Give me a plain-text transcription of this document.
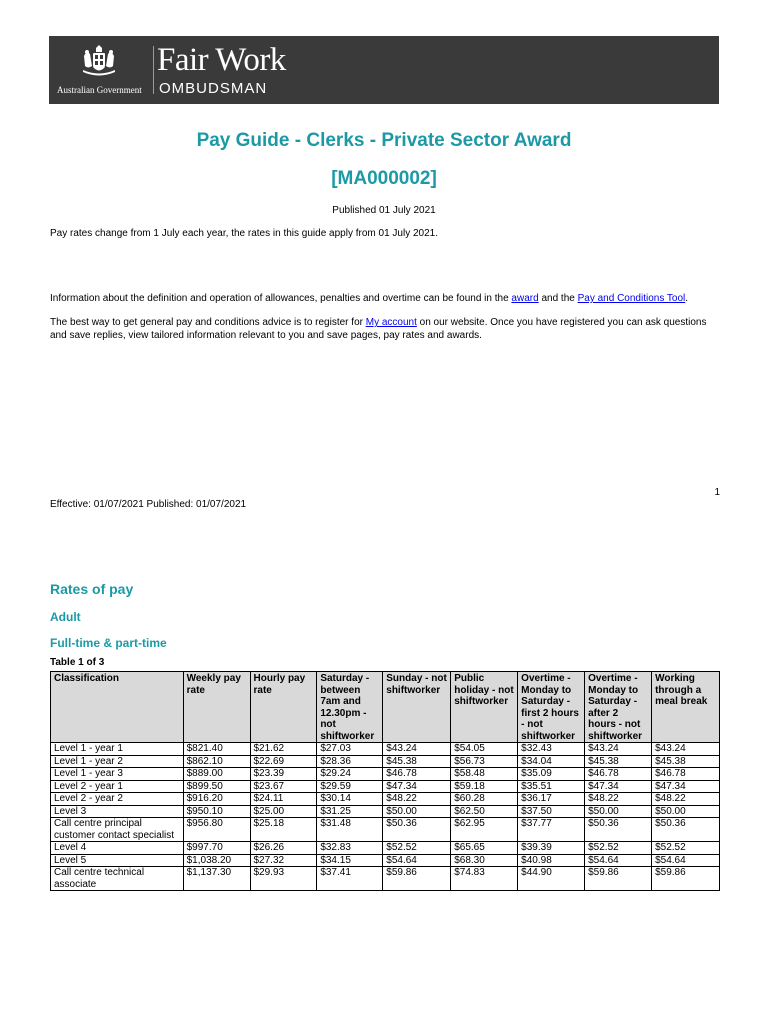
Australian Government
Fair Work
OMBUDSMAN
Pay Guide - Clerks - Private Sector Award
[MA000002]
Published 01 July 2021
Pay rates change from 1 July each year, the rates in this guide apply from 01 July 2021.
Information about the definition and operation of allowances, penalties and overtime can be found in the award and the Pay and Conditions Tool.
The best way to get general pay and conditions advice is to register for My account on our website. Once you have registered you can ask questions and save replies, view tailored information relevant to you and save pages, pay rates and awards.
1
Effective: 01/07/2021 Published: 01/07/2021
Rates of pay
Adult
Full-time & part-time
Table 1 of 3
Classification	Weekly pay rate	Hourly pay rate	Saturday - between 7am and 12.30pm - not shiftworker	Sunday - not shiftworker	Public holiday - not shiftworker	Overtime - Monday to Saturday - first 2 hours - not shiftworker	Overtime - Monday to Saturday - after 2 hours - not shiftworker	Working through a meal break
Level 1 - year 1	$821.40	$21.62	$27.03	$43.24	$54.05	$32.43	$43.24	$43.24
Level 1 - year 2	$862.10	$22.69	$28.36	$45.38	$56.73	$34.04	$45.38	$45.38
Level 1 - year 3	$889.00	$23.39	$29.24	$46.78	$58.48	$35.09	$46.78	$46.78
Level 2 - year 1	$899.50	$23.67	$29.59	$47.34	$59.18	$35.51	$47.34	$47.34
Level 2 - year 2	$916.20	$24.11	$30.14	$48.22	$60.28	$36.17	$48.22	$48.22
Level 3	$950.10	$25.00	$31.25	$50.00	$62.50	$37.50	$50.00	$50.00
Call centre principal customer contact specialist	$956.80	$25.18	$31.48	$50.36	$62.95	$37.77	$50.36	$50.36
Level 4	$997.70	$26.26	$32.83	$52.52	$65.65	$39.39	$52.52	$52.52
Level 5	$1,038.20	$27.32	$34.15	$54.64	$68.30	$40.98	$54.64	$54.64
Call centre technical associate	$1,137.30	$29.93	$37.41	$59.86	$74.83	$44.90	$59.86	$59.86
